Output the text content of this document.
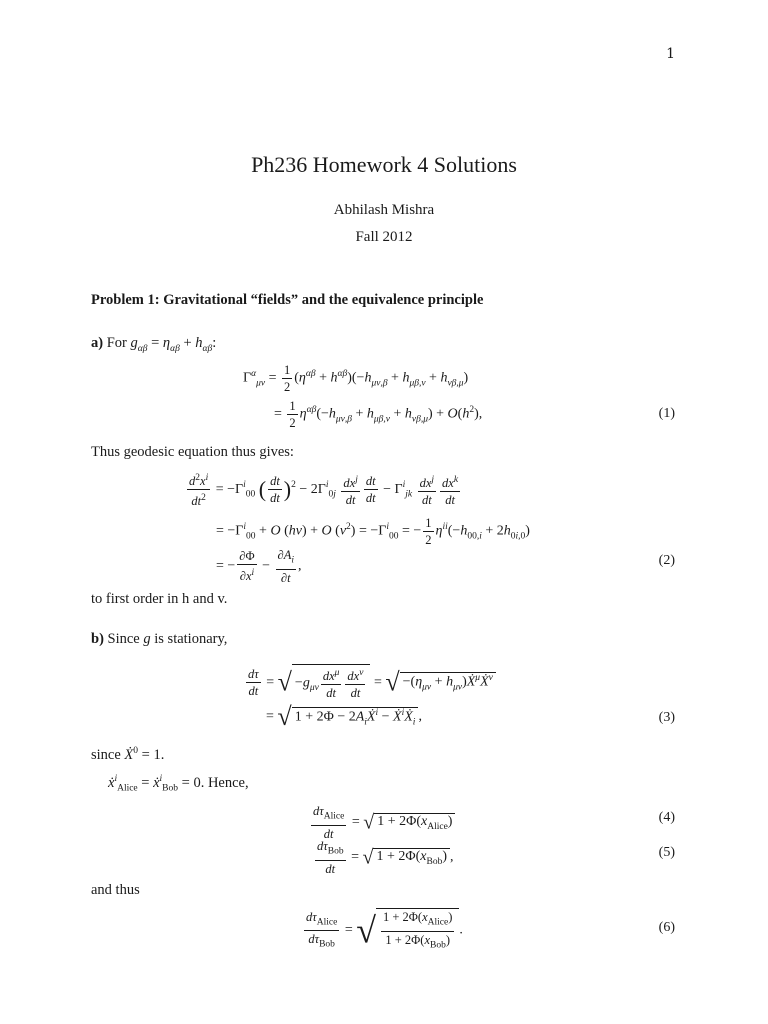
1
Ph236 Homework 4 Solutions
Abhilash Mishra
Fall 2012
Problem 1: Gravitational “fields” and the equivalence principle
a) For $g_{\alpha\beta} = \eta_{\alpha\beta} + h_{\alpha\beta}$:
$\Gamma^\alpha_{\mu\nu} = \frac{1}{2} (\eta^{\alpha\beta} + h^{\alpha\beta})(-h_{\mu\nu,\beta} + h_{\mu\beta,\nu} + h_{\nu\beta,\mu})$
= $\frac{1}{2} \eta^{\alpha\beta}(-h_{\mu\nu,\beta} + h_{\mu\beta,\nu} + h_{\nu\beta,\mu}) + O(h^2)$,	(1)
Thus geodesic equation thus gives:
$\frac{d^2x^i}{dt^2} = -\Gamma^i_{00}$ ( $\frac{dt}{dt} )^2 - 2\Gamma^i_{0j} \frac{dx^j}{dt} \frac{dt}{dt} - \Gamma^i_{jk} \frac{dx^j}{dt} \frac{dx^k}{dt}$
= $-\Gamma^i_{00} + O$ (hv) + O $(v^2) = -\Gamma^i_{00}$ = − $\frac{1}{2} \eta^{ii}(-h_{00,i} + 2h_{0i,0})$
= − $\frac{\partial\Phi}{\partial x^i} - \frac{\partial A_i}{\partial t}$ ,	(2)
to first order in h and v.
b) Since g is stationary,
$\frac{d\tau}{dt}$ = √ $-g_{\mu\nu} \frac{dx^\mu}{dt} \frac{dx^\nu}{dt}$ = √ $-(\eta_{\mu\nu}$ + $h_{\mu\nu})Ẋ^\mu Ẋ^\nu$
= √ $1 + 2\Phi - 2A_iẊ^i$ − Ẋ$^i$Ẋ$_i$ ,	(3)
since Ẋ$^0$ = 1.
ẋ$^i_{Alice}$ = ẋ$^i_{Bob}$ = 0. Hence,
$\frac{d\tau_{Alice}}{dt}$ = √ $1 + 2\Phi(x_{Alice})$	(4)
$\frac{d\tau_{Bob}}{dt}$ = √ $1 + 2\Phi(x_{Bob})$ ,	(5)
and thus
$\frac{d\tau_{Alice}}{d\tau_{Bob}}$ = √ $\frac{1 + 2\Phi(x_{Alice})}{1 + 2\Phi(x_{Bob})}$ .	(6)
